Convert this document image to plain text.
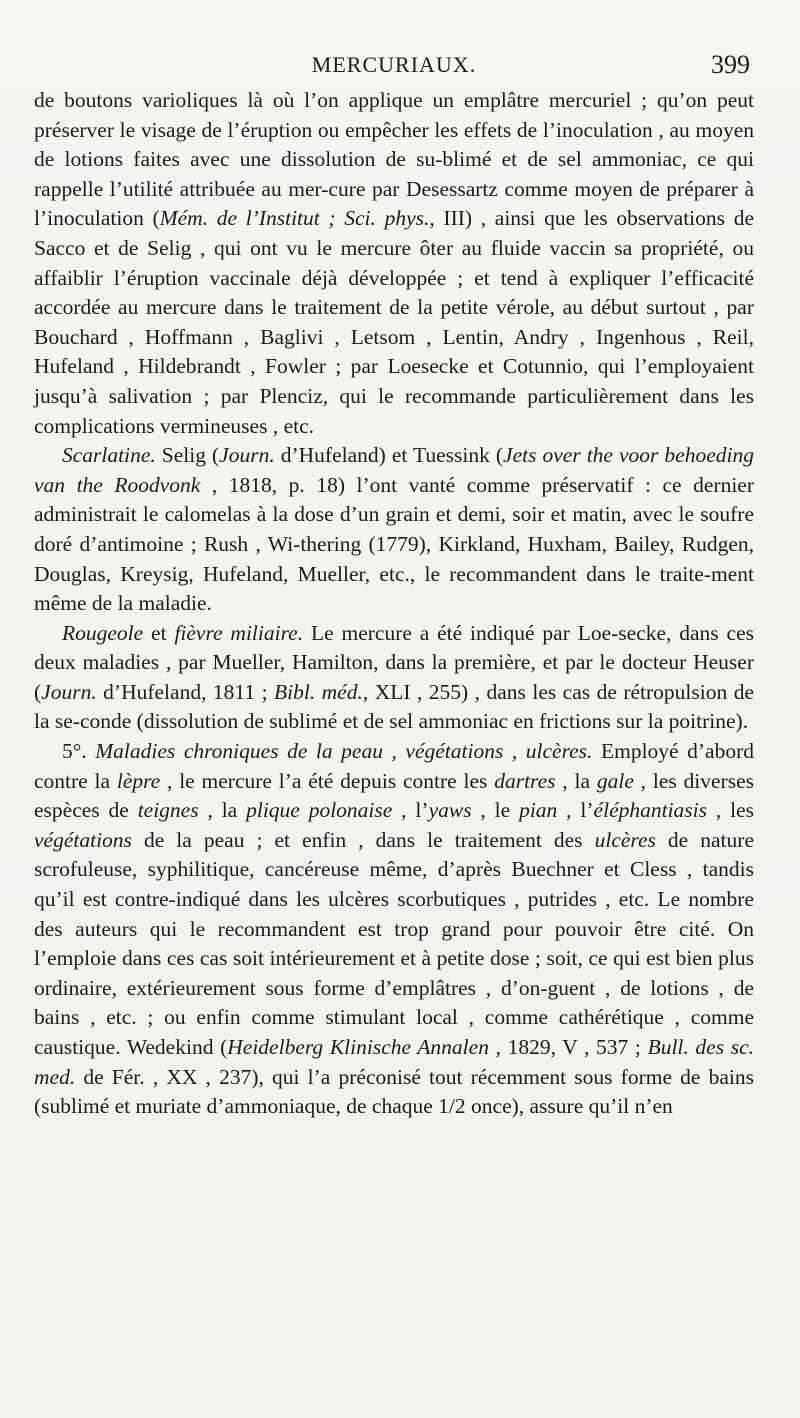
MERCURIAUX.	399

de boutons varioliques là où l’on applique un emplâtre mercuriel ; qu’on peut préserver le visage de l’éruption ou empêcher les effets de l’inoculation , au moyen de lotions faites avec une dissolution de su-blimé et de sel ammoniac, ce qui rappelle l’utilité attribuée au mer-cure par Desessartz comme moyen de préparer à l’inoculation (Mém. de l’Institut ; Sci. phys., III) , ainsi que les observations de Sacco et de Selig , qui ont vu le mercure ôter au fluide vaccin sa propriété, ou affaiblir l’éruption vaccinale déjà développée ; et tend à expliquer l’efficacité accordée au mercure dans le traitement de la petite vérole, au début surtout , par Bouchard , Hoffmann , Baglivi , Letsom , Lentin, Andry , Ingenhous , Reil, Hufeland , Hildebrandt , Fowler ; par Loesecke et Cotunnio, qui l’employaient jusqu’à salivation ; par Plenciz, qui le recommande particulièrement dans les complications vermineuses , etc.

Scarlatine. Selig (Journ. d’Hufeland) et Tuessink (Jets over the voor behoeding van the Roodvonk , 1818, p. 18) l’ont vanté comme préservatif : ce dernier administrait le calomelas à la dose d’un grain et demi, soir et matin, avec le soufre doré d’antimoine ; Rush , Wi-thering (1779), Kirkland, Huxham, Bailey, Rudgen, Douglas, Kreysig, Hufeland, Mueller, etc., le recommandent dans le traite-ment même de la maladie.

Rougeole et fièvre miliaire. Le mercure a été indiqué par Loe-secke, dans ces deux maladies , par Mueller, Hamilton, dans la première, et par le docteur Heuser (Journ. d’Hufeland, 1811 ; Bibl. méd., XLI , 255) , dans les cas de rétropulsion de la se-conde (dissolution de sublimé et de sel ammoniac en frictions sur la poitrine).

5°. Maladies chroniques de la peau , végétations , ulcères. Employé d’abord contre la lèpre , le mercure l’a été depuis contre les dartres , la gale , les diverses espèces de teignes , la plique polonaise , l’yaws , le pian , l’éléphantiasis , les végétations de la peau ; et enfin , dans le traitement des ulcères de nature scrofuleuse, syphilitique, cancéreuse même, d’après Buechner et Cless , tandis qu’il est contre-indiqué dans les ulcères scorbutiques , putrides , etc. Le nombre des auteurs qui le recommandent est trop grand pour pouvoir être cité. On l’emploie dans ces cas soit intérieurement et à petite dose ; soit, ce qui est bien plus ordinaire, extérieurement sous forme d’emplâtres , d’on-guent , de lotions , de bains , etc. ; ou enfin comme stimulant local , comme cathérétique , comme caustique. Wedekind (Heidelberg Klinische Annalen , 1829, V , 537 ; Bull. des sc. med. de Fér. , XX , 237), qui l’a préconisé tout récemment sous forme de bains (sublimé et muriate d’ammoniaque, de chaque 1/2 once), assure qu’il n’en
